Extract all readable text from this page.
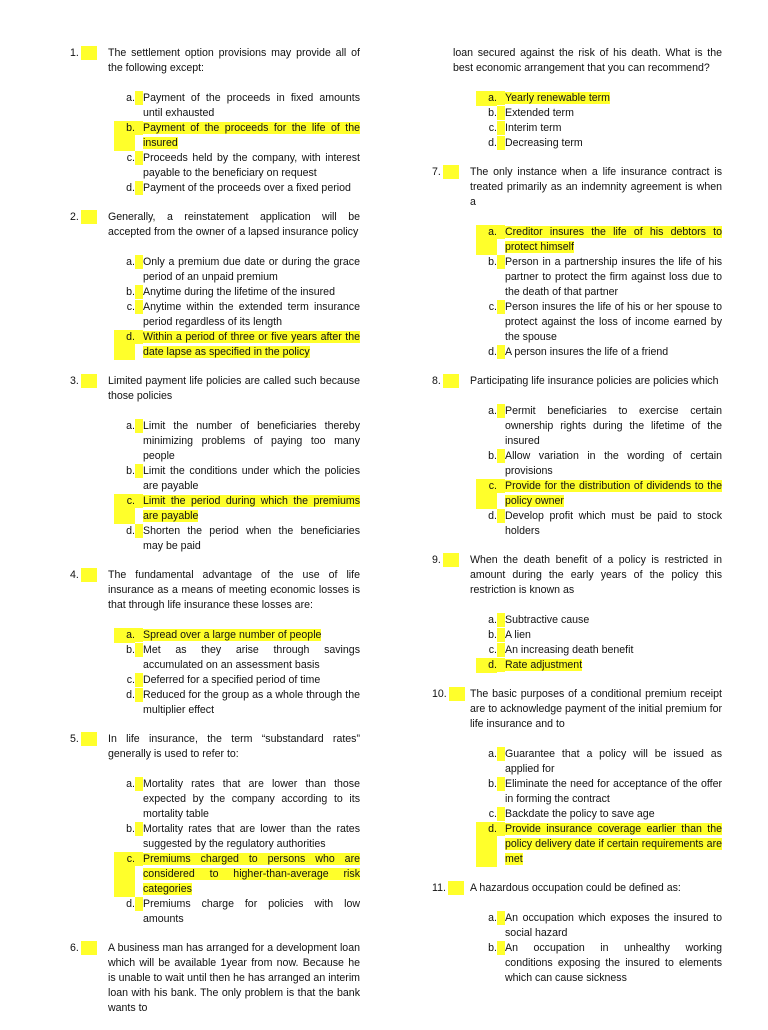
1.	The settlement option provisions may provide all of the following except:
a. Payment of the proceeds in fixed amounts until exhausted
b. Payment of the proceeds for the life of the insured
c. Proceeds held by the company, with interest payable to the beneficiary on request
d. Payment of the proceeds over a fixed period
2.	Generally, a reinstatement application will be accepted from the owner of a lapsed insurance policy
a. Only a premium due date or during the grace period of an unpaid premium
b. Anytime during the lifetime of the insured
c. Anytime within the extended term insurance period regardless of its length
d. Within a period of three or five years after the date lapse as specified in the policy
3.	Limited payment life policies are called such because those policies
a. Limit the number of beneficiaries thereby minimizing problems of paying too many people
b. Limit the conditions under which the policies are payable
c. Limit the period during which the premiums are payable
d. Shorten the period when the beneficiaries may be paid
4.	The fundamental advantage of the use of life insurance as a means of meeting economic losses is that through life insurance these losses are:
a. Spread over a large number of people
b. Met as they arise through savings accumulated on an assessment basis
c. Deferred for a specified period of time
d. Reduced for the group as a whole through the multiplier effect
5.	In life insurance, the term “substandard rates” generally is used to refer to:
a. Mortality rates that are lower than those expected by the company according to its mortality table
b. Mortality rates that are lower than the rates suggested by the regulatory authorities
c. Premiums charged to persons who are considered to higher-than-average risk categories
d. Premiums charge for policies with low amounts
6.	A business man has arranged for a development loan which will be available 1year from now. Because he is unable to wait until then he has arranged an interim loan with his bank. The only problem is that the bank wants to
loan secured against the risk of his death. What is the best economic arrangement that you can recommend?
a. Yearly renewable term
b. Extended term
c. Interim term
d. Decreasing term
7.	The only instance when a life insurance contract is treated primarily as an indemnity agreement is when a
a. Creditor insures the life of his debtors to protect himself
b. Person in a partnership insures the life of his partner to protect the firm against loss due to the death of that partner
c. Person insures the life of his or her spouse to protect against the loss of income earned by the spouse
d. A person insures the life of a friend
8.	Participating life insurance policies are policies which
a. Permit beneficiaries to exercise certain ownership rights during the lifetime of the insured
b. Allow variation in the wording of certain provisions
c. Provide for the distribution of dividends to the policy owner
d. Develop profit which must be paid to stock holders
9.	When the death benefit of a policy is restricted in amount during the early years of the policy this restriction is known as
a. Subtractive cause
b. A lien
c. An increasing death benefit
d. Rate adjustment
10. The basic purposes of a conditional premium receipt are to acknowledge payment of the initial premium for life insurance and to
a. Guarantee that a policy will be issued as applied for
b. Eliminate the need for acceptance of the offer in forming the contract
c. Backdate the policy to save age
d. Provide insurance coverage earlier than the policy delivery date if certain requirements are met
11. A hazardous occupation could be defined as:
a. An occupation which exposes the insured to social hazard
b. An occupation in unhealthy working conditions exposing the insured to elements which can cause sickness
